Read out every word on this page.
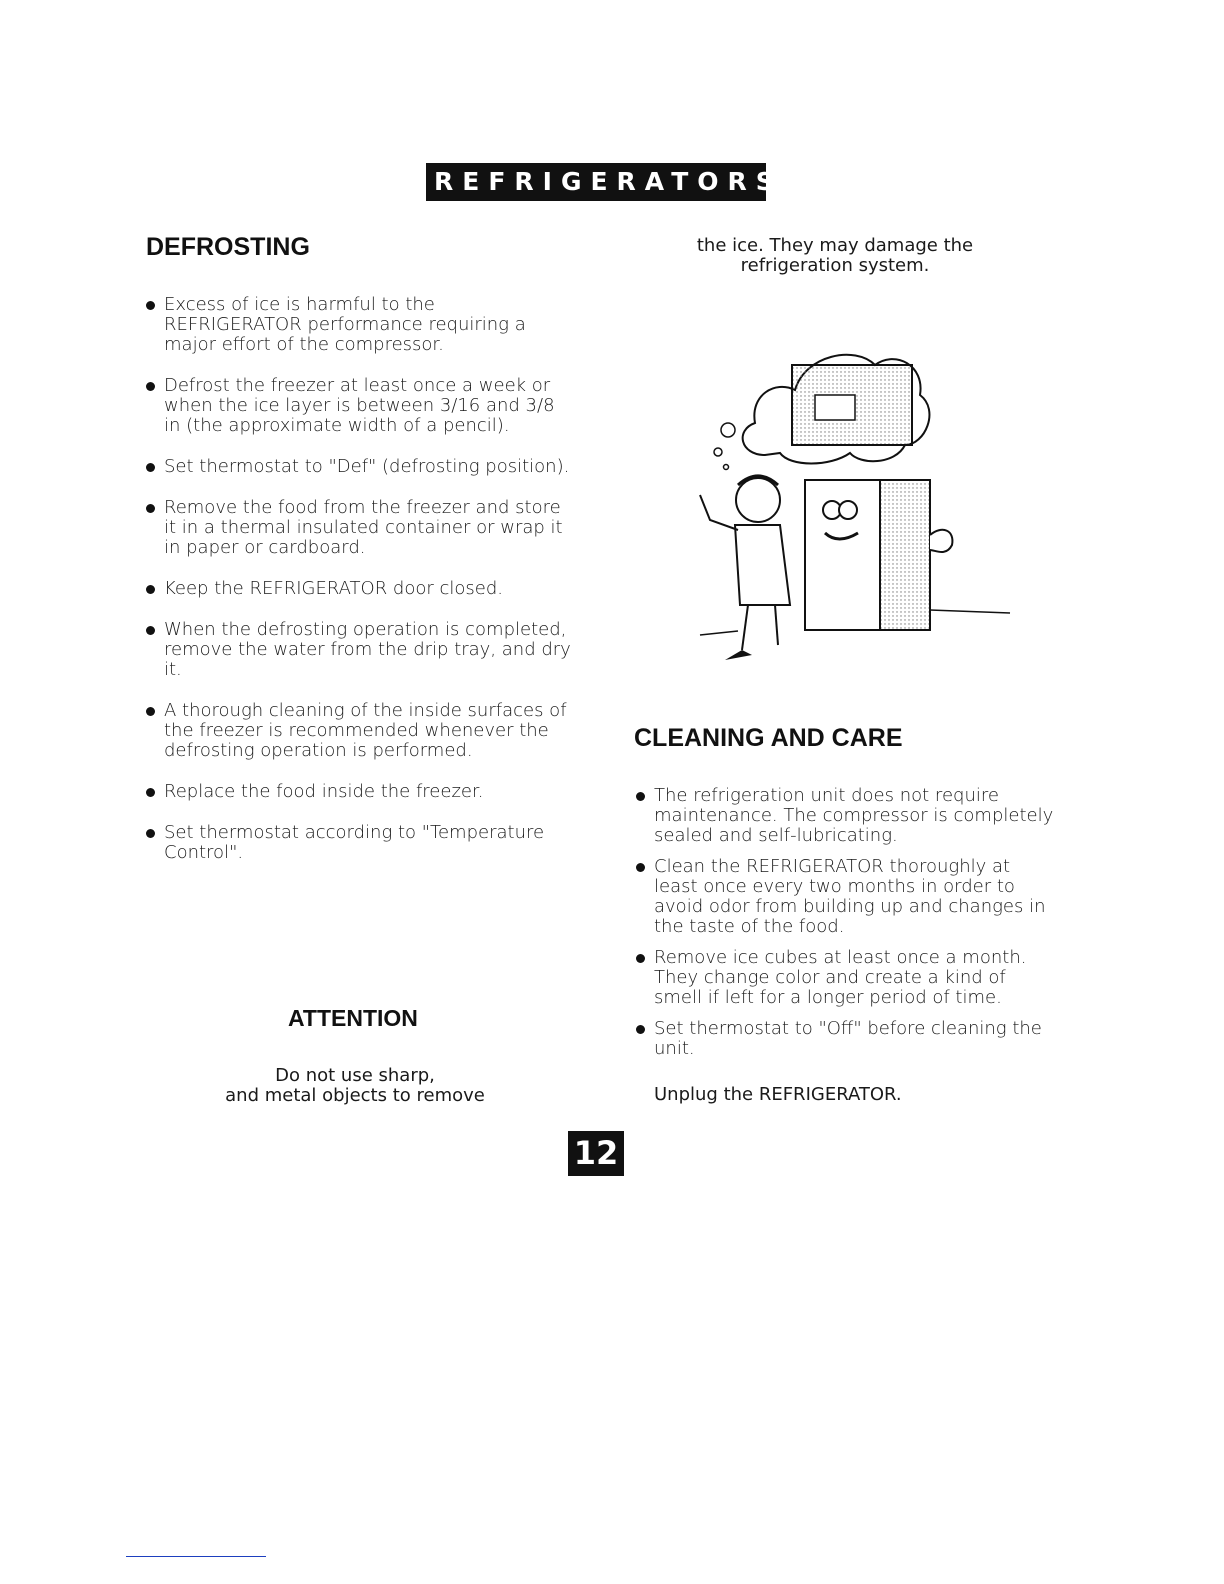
REFRIGERATORS
DEFROSTING
Excess of ice is harmful to the REFRIGERATOR performance requiring a major effort of the compressor.
Defrost the freezer at least once a week or when the ice layer is between 3/16 and 3/8 in (the approximate width of a pencil).
Set thermostat to "Def" (defrosting position).
Remove the food from the freezer and store it in a thermal insulated container or wrap it in paper or cardboard.
Keep the REFRIGERATOR door closed.
When the defrosting operation is completed, remove the water from the drip tray, and dry it.
A thorough cleaning of the inside surfaces of the freezer is recommended whenever the defrosting operation is performed.
Replace the food inside the freezer.
Set thermostat according to "Temperature Control".
ATTENTION
Do not use sharp,
and metal objects to remove
the ice. They may damage the
refrigeration system.
CLEANING AND CARE
The refrigeration unit does not require maintenance. The compressor is completely sealed and self-lubricating.
Clean the REFRIGERATOR thoroughly at least once every two months in order to avoid odor from building up and changes in the taste of the food.
Remove ice cubes at least once a month. They change color and create a kind of smell if left for a longer period of time.
Set thermostat to "Off" before cleaning the unit.
Unplug the REFRIGERATOR.
12
